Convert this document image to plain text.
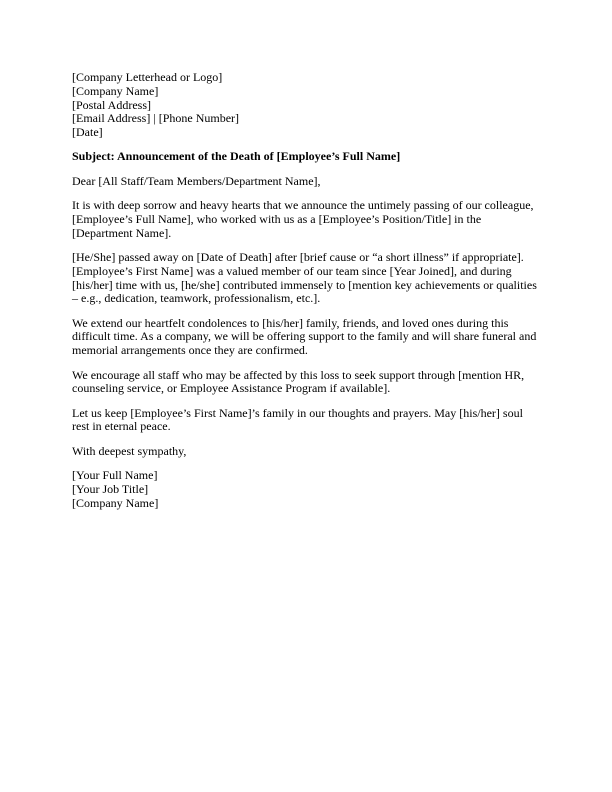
[Company Letterhead or Logo]
[Company Name]
[Postal Address]
[Email Address] | [Phone Number]
[Date]

Subject: Announcement of the Death of [Employee’s Full Name]

Dear [All Staff/Team Members/Department Name],

It is with deep sorrow and heavy hearts that we announce the untimely passing of our colleague,
[Employee’s Full Name], who worked with us as a [Employee’s Position/Title] in the
[Department Name].

[He/She] passed away on [Date of Death] after [brief cause or “a short illness” if appropriate].
[Employee’s First Name] was a valued member of our team since [Year Joined], and during
[his/her] time with us, [he/she] contributed immensely to [mention key achievements or qualities
– e.g., dedication, teamwork, professionalism, etc.].

We extend our heartfelt condolences to [his/her] family, friends, and loved ones during this
difficult time. As a company, we will be offering support to the family and will share funeral and
memorial arrangements once they are confirmed.

We encourage all staff who may be affected by this loss to seek support through [mention HR,
counseling service, or Employee Assistance Program if available].

Let us keep [Employee’s First Name]’s family in our thoughts and prayers. May [his/her] soul
rest in eternal peace.

With deepest sympathy,

[Your Full Name]
[Your Job Title]
[Company Name]
